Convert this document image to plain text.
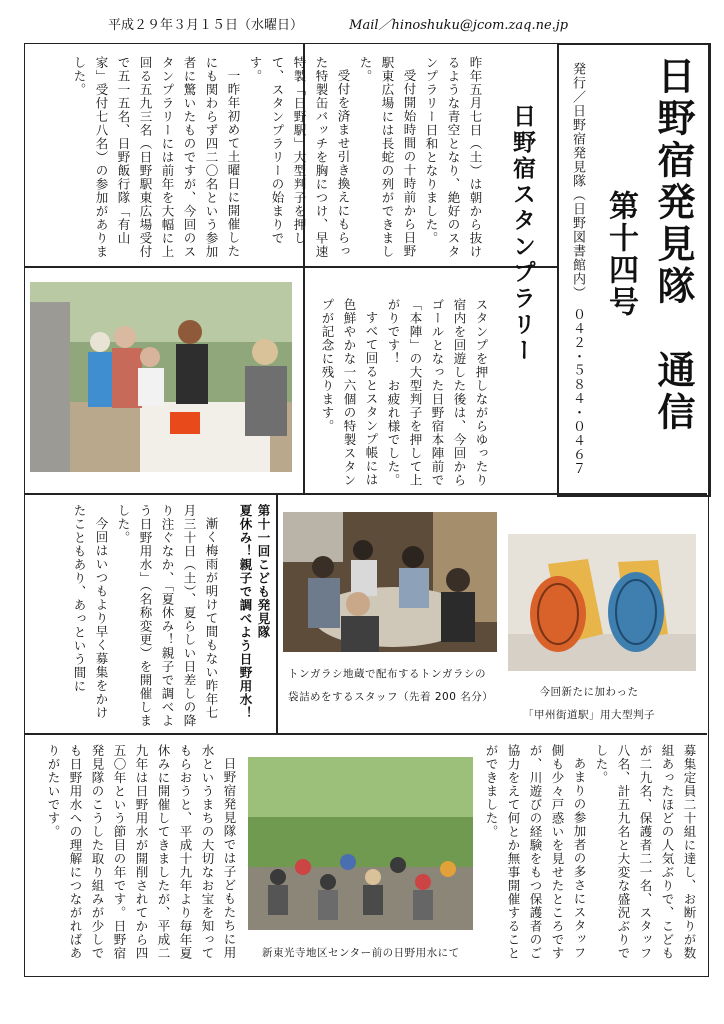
平成２９年３月１５日（水曜日）	Mail／hinoshuku@jcom.zaq.ne.jp
日野宿発見隊　通信
第十四号
発行／日野宿発見隊（日野図書館内）　０４２・５８４・０４６７
日野宿スタンプラリー

昨年五月七日（土）は朝から抜けるような青空となり、絶好のスタンプラリー日和となりました。

受付開始時間の十時前から日野駅東広場には長蛇の列ができました。

受付を済ませ引き換えにもらった特製缶バッチを胸につけ、早速特製「日野駅」大型判子を押して、スタンプラリーの始まりです。

一昨年初めて土曜日に開催したにも関わらず四二〇名という参加者に驚いたものですが、今回のスタンプラリーには前年を大幅に上回る五九三名（日野駅東広場受付で五一五名、日野飯行隊「有山家」受付七八名）の参加がありました。

スタンプを押しながらゆったり宿内を回遊した後は、今回からゴールとなった日野宿本陣前で「本陣」の大型判子を押して上がりです！　お疲れ様でした。

すべて回るとスタンプ帳には色鮮やかな一六個の特製スタンプが記念に残ります。

第十一回こども発見隊
夏休み！親子で調べよう日野用水！

漸く梅雨が明けて間もない昨年七月三十日（土）、夏らしい日差しの降り注ぐなか、「夏休み！親子で調べよう日野用水」（名称変更）を開催しました。

今回はいつもより早く募集をかけたこともあり、あっという間に	トンガラシ地蔵で配布するトンガラシの
袋詰めをするスタッフ（先着 200 名分）	今回新たに加わった
「甲州街道駅」用大型判子

募集定員二十組に達し、お断りが数組あったほどの人気ぶりで、こどもが二九名、保護者二一名、スタッフ八名、計五九名と大変な盛況ぶりでした。

あまりの参加者の多さにスタッフ側も少々戸惑いを見せたところですが、川遊びの経験をもつ保護者のご協力をえて何とか無事開催することができました。

新東光寺地区センター前の日野用水にて

日野宿発見隊では子どもたちに用水というまちの大切なお宝を知ってもらおうと、平成十九年より毎年夏休みに開催してきましたが、平成二九年は日野用水が開削されてから四五〇年という節目の年です。日野宿発見隊のこうした取り組みが少しでも日野用水への理解につながればありがたいです。
